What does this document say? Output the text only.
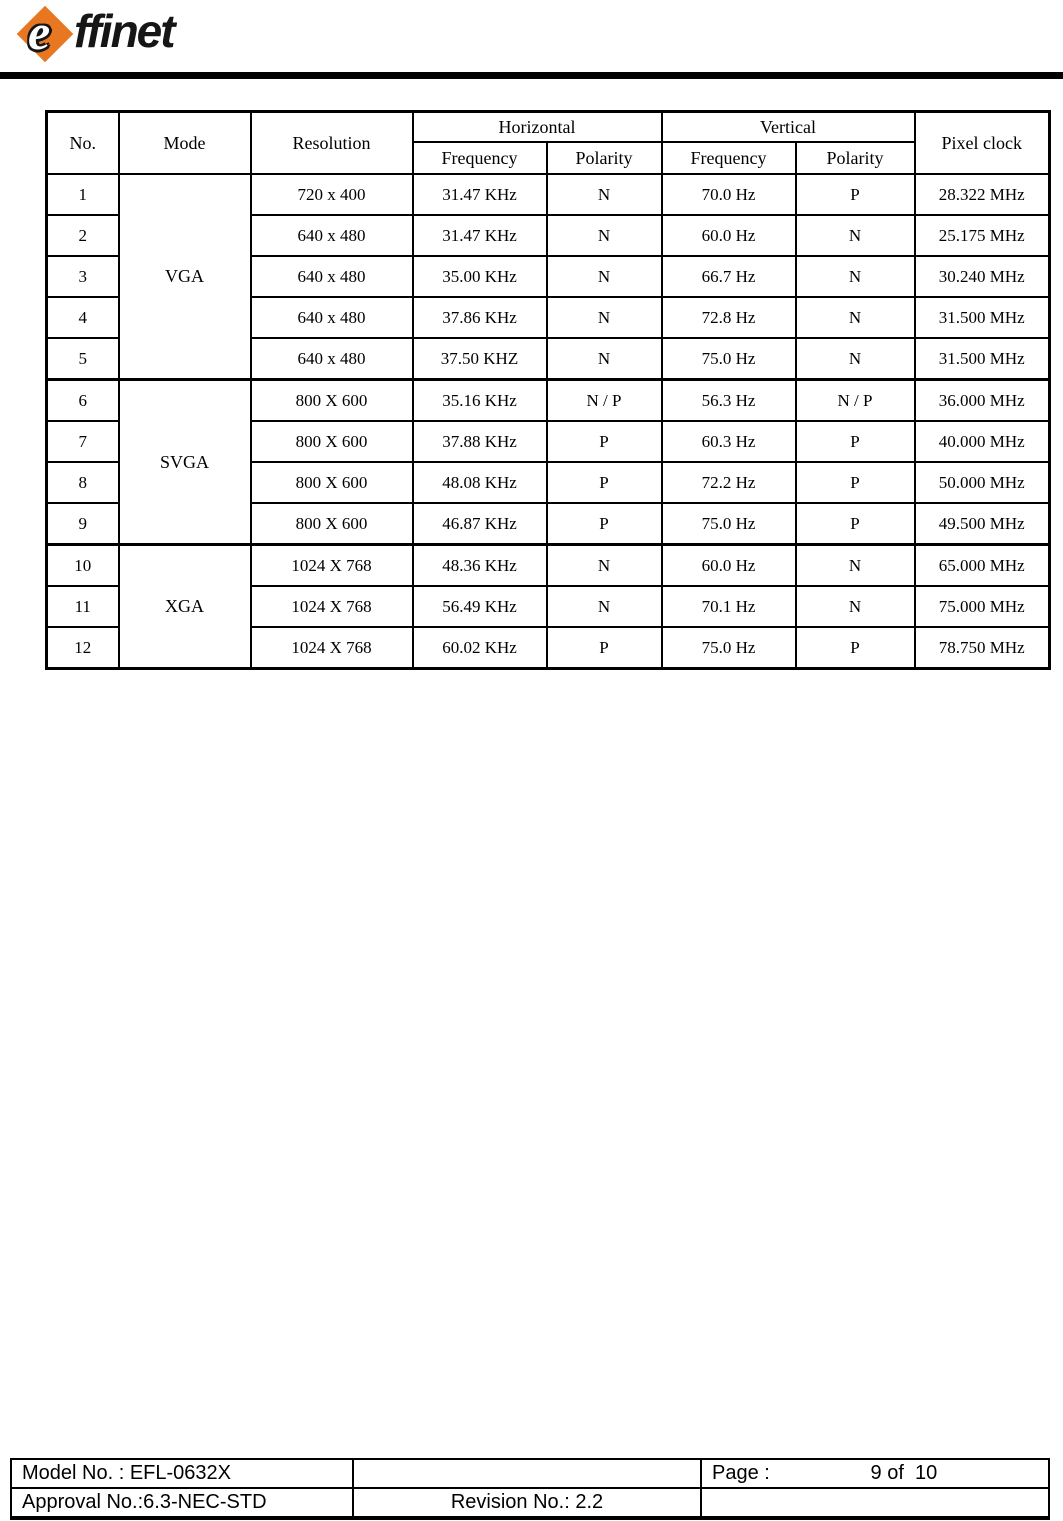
e ffinet
No.	Mode	Resolution	Horizontal		Vertical		Pixel clock
			Frequency	Polarity	Frequency	Polarity	
1	VGA	720 x 400	31.47 KHz	N	70.0 Hz	P	28.322 MHz
2		640 x 480	31.47 KHz	N	60.0 Hz	N	25.175 MHz
3		640 x 480	35.00 KHz	N	66.7 Hz	N	30.240 MHz
4		640 x 480	37.86 KHz	N	72.8 Hz	N	31.500 MHz
5		640 x 480	37.50 KHZ	N	75.0 Hz	N	31.500 MHz
6	SVGA	800 X 600	35.16 KHz	N / P	56.3 Hz	N / P	36.000 MHz
7		800 X 600	37.88 KHz	P	60.3 Hz	P	40.000 MHz
8		800 X 600	48.08 KHz	P	72.2 Hz	P	50.000 MHz
9		800 X 600	46.87 KHz	P	75.0 Hz	P	49.500 MHz
10	XGA	1024 X 768	48.36 KHz	N	60.0 Hz	N	65.000 MHz
11		1024 X 768	56.49 KHz	N	70.1 Hz	N	75.000 MHz
12		1024 X 768	60.02 KHz	P	75.0 Hz	P	78.750 MHz
Model No. : EFL-0632X		Page : 9 of  10

Approval No.:6.3-NEC-STD	Revision No.: 2.2	
